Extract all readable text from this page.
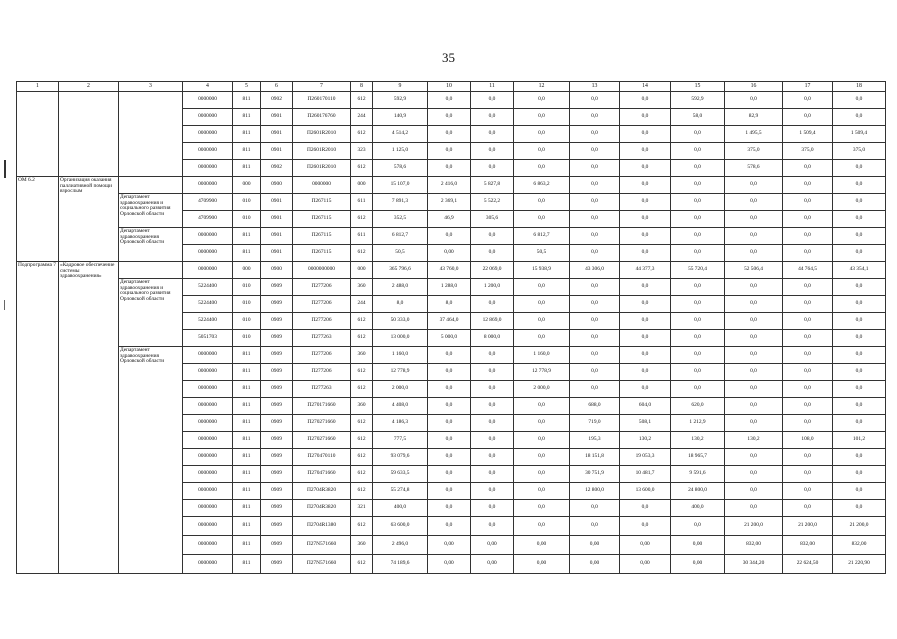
35
1	2	3	4	5	6	7	8	9	10	11	12	13	14	15	16	17	18
			0000000	811	0902	П260170110	612	592,9	0,0	0,0	0,0	0,0	0,0	592,9	0,0	0,0	0,0
			0000000	811	0901	П260176760	244	140,9	0,0	0,0	0,0	0,0	0,0	58,0	82,9	0,0	0,0
			0000000	811	0901	П2601R2010	612	4 514,2	0,0	0,0	0,0	0,0	0,0	0,0	1 495,5	1 509,4	1 509,4
			0000000	811	0901	П2601R2010	323	1 125,0	0,0	0,0	0,0	0,0	0,0	0,0	375,0	375,0	375,0
			0000000	811	0902	П2601R2010	612	578,6	0,0	0,0	0,0	0,0	0,0	0,0	578,6	0,0	0,0
ОМ 6.2	Организация оказания паллиативной помощи взрослым		0000000	000	0900	0000000	000	15 107,0	2 416,0	5 827,8	6 863,2	0,0	0,0	0,0	0,0	0,0	0,0
		Департамент здравоохранения и социального развития Орловской области	4709900	010	0901	П267115	611	7 891,3	2 369,1	5 522,2	0,0	0,0	0,0	0,0	0,0	0,0	0,0
			4709900	010	0901	П267115	612	352,5	46,9	305,6	0,0	0,0	0,0	0,0	0,0	0,0	0,0
		Департамент здравоохранения Орловской области	0000000	811	0901	П267115	611	6 812,7	0,0	0,0	6 812,7	0,0	0,0	0,0	0,0	0,0	0,0
			0000000	811	0901	П267115	612	50,5	0,00	0,0	50,5	0,0	0,0	0,0	0,0	0,0	0,0
Подпрограмма 7	«Кадровое обеспечение системы здравоохранения»		0000000	000	0900	0000000000	000	365 796,6	43 760,0	22 069,0	15 938,9	43 306,0	44 377,3	55 720,4	52 506,4	44 764,5	43 354,1
		Департамент здравоохранения и социального развития Орловской области	5224400	010	0909	П277206	360	2 488,0	1 288,0	1 200,0	0,0	0,0	0,0	0,0	0,0	0,0	0,0
			5224400	010	0909	П277206	244	8,0	8,0	0,0	0,0	0,0	0,0	0,0	0,0	0,0	0,0
			5224400	010	0909	П277206	612	50 333,0	37 464,0	12 869,0	0,0	0,0	0,0	0,0	0,0	0,0	0,0
			5051703	010	0909	П277263	612	13 000,0	5 000,0	8 000,0	0,0	0,0	0,0	0,0	0,0	0,0	0,0
		Департамент здравоохранения Орловской области	0000000	811	0909	П277206	360	1 160,0	0,0	0,0	1 160,0	0,0	0,0	0,0	0,0	0,0	0,0
			0000000	811	0909	П277206	612	12 778,9	0,0	0,0	12 778,9	0,0	0,0	0,0	0,0	0,0	0,0
			0000000	811	0909	П277263	612	2 000,0	0,0	0,0	2 000,0	0,0	0,0	0,0	0,0	0,0	0,0
			0000000	811	0909	П270171660	360	4 408,0	0,0	0,0	0,0	688,0	604,0	620,0	0,0	0,0	0,0
			0000000	811	0909	П270271660	612	4 186,3	0,0	0,0	0,0	719,0	508,1	1 212,9	0,0	0,0	0,0
			0000000	811	0909	П270271660	612	777,5	0,0	0,0	0,0	195,3	130,2	130,2	130,2	108,0	101,2
			0000000	811	0909	П270470110	612	93 079,6	0,0	0,0	0,0	18 151,8	19 053,3	18 965,7	0,0	0,0	0,0
			0000000	811	0909	П270471660	612	59 633,5	0,0	0,0	0,0	30 751,9	10 481,7	9 591,6	0,0	0,0	0,0
			0000000	811	0909	П2704R3820	612	55 274,8	0,0	0,0	0,0	12 800,0	13 600,0	24 800,0	0,0	0,0	0,0
			0000000	811	0909	П2704R3820	321	400,0	0,0	0,0	0,0	0,0	0,0	400,0	0,0	0,0	0,0
			0000000	811	0909	П2704R1380	612	63 600,0	0,0	0,0	0,0	0,0	0,0	0,0	21 200,0	21 200,0	21 200,0
			0000000	811	0909	П27N571660	360	2 496,0	0,00	0,00	0,00	0,00	0,00	0,00	832,00	832,00	832,00
			0000000	811	0909	П27N571660	612	74 189,6	0,00	0,00	0,00	0,00	0,00	0,00	30 344,20	22 624,50	21 220,90
